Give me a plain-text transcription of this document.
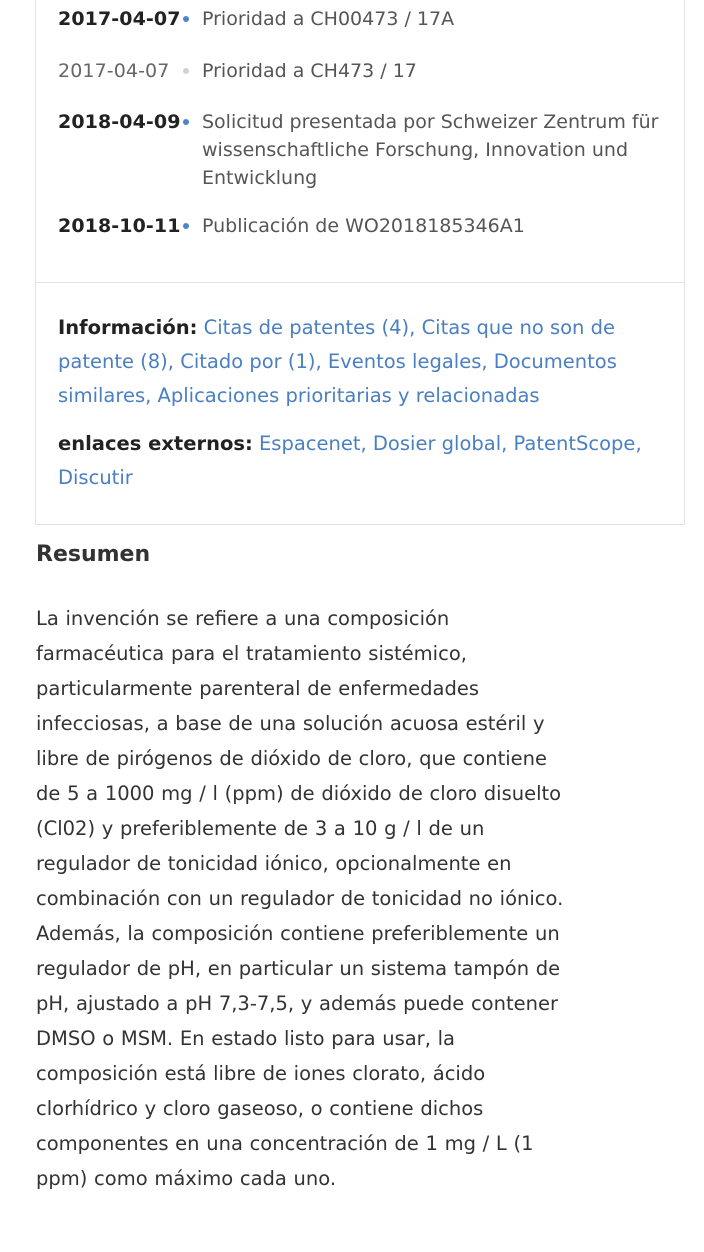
2017-04-07 Prioridad a CH00473 / 17A
2017-04-07	Prioridad a CH473 / 17
2018-04-09 Solicitud presentada por Schweizer Zentrum für wissenschaftliche Forschung, Innovation und Entwicklung
2018-10-11 Publicación de WO2018185346A1
Información: Citas de patentes (4), Citas que no son de patente (8), Citado por (1), Eventos legales, Documentos similares, Aplicaciones prioritarias y relacionadas
enlaces externos: Espacenet, Dosier global, PatentScope, Discutir
Resumen

La invención se refiere a una composición farmacéutica para el tratamiento sistémico, particularmente parenteral de enfermedades infecciosas, a base de una solución acuosa estéril y libre de pirógenos de dióxido de cloro, que contiene de 5 a 1000 mg / l (ppm) de dióxido de cloro disuelto (Cl02) y preferiblemente de 3 a 10 g / l de un regulador de tonicidad iónico, opcionalmente en combinación con un regulador de tonicidad no iónico. Además, la composición contiene preferiblemente un regulador de pH, en particular un sistema tampón de pH, ajustado a pH 7,3-7,5, y además puede contener DMSO o MSM. En estado listo para usar, la composición está libre de iones clorato, ácido clorhídrico y cloro gaseoso, o contiene dichos componentes en una concentración de 1 mg / L (1 ppm) como máximo cada uno.
